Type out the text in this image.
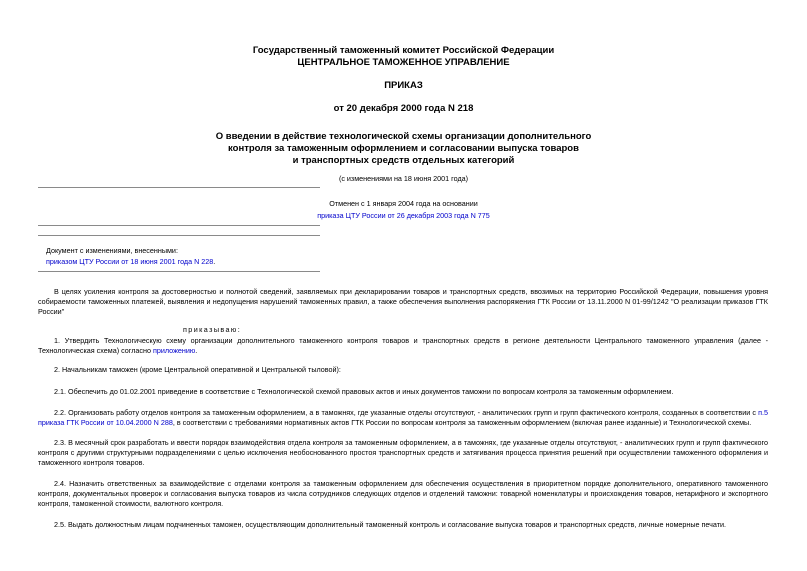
Государственный таможенный комитет Российской Федерации
ЦЕНТРАЛЬНОЕ ТАМОЖЕННОЕ УПРАВЛЕНИЕ
ПРИКАЗ
от 20 декабря 2000 года N 218
О введении в действие технологической схемы организации дополнительного
контроля за таможенным оформлением и согласовании выпуска товаров
и транспортных средств отдельных категорий
(с изменениями на 18 июня 2001 года)
Отменен с 1 января 2004 года на основании
приказа ЦТУ России от 26 декабря 2003 года N 775
Документ с изменениями, внесенными:
приказом ЦТУ России от 18 июня 2001 года N 228.
В целях усиления контроля за достоверностью и полнотой сведений, заявляемых при декларировании товаров и транспортных средств, ввозимых на территорию Российской Федерации, повышения уровня собираемости таможенных платежей, выявления и недопущения нарушений таможенных правил, а также обеспечения выполнения распоряжения ГТК России от 13.11.2000 N 01-99/1242 "О реализации приказов ГТК России"
приказываю:
1. Утвердить Технологическую схему организации дополнительного таможенного контроля товаров и транспортных средств в регионе деятельности Центрального таможенного управления (далее - Технологическая схема) согласно приложению.
2. Начальникам таможен (кроме Центральной оперативной и Центральной тыловой):
2.1. Обеспечить до 01.02.2001 приведение в соответствие с Технологической схемой правовых актов и иных документов таможни по вопросам контроля за таможенным оформлением.
2.2. Организовать работу отделов контроля за таможенным оформлением, а в таможнях, где указанные отделы отсутствуют, - аналитических групп и групп фактического контроля, созданных в соответствии с п.5 приказа ГТК России от 10.04.2000 N 288, в соответствии с требованиями нормативных актов ГТК России по вопросам контроля за таможенным оформлением (включая ранее изданные) и Технологической схемы.
2.3. В месячный срок разработать и ввести порядок взаимодействия отдела контроля за таможенным оформлением, а в таможнях, где указанные отделы отсутствуют, - аналитических групп и групп фактического контроля с другими структурными подразделениями с целью исключения необоснованного простоя транспортных средств и затягивания процесса принятия решений при осуществлении таможенного оформления и таможенного контроля товаров.
2.4. Назначить ответственных за взаимодействие с отделами контроля за таможенным оформлением для обеспечения осуществления в приоритетном порядке дополнительного, оперативного таможенного контроля, документальных проверок и согласования выпуска товаров из числа сотрудников следующих отделов и отделений таможни: товарной номенклатуры и происхождения товаров, нетарифного и экспортного контроля, таможенной стоимости, валютного контроля.
2.5. Выдать должностным лицам подчиненных таможен, осуществляющим дополнительный таможенный контроль и согласование выпуска товаров и транспортных средств, личные номерные печати.
